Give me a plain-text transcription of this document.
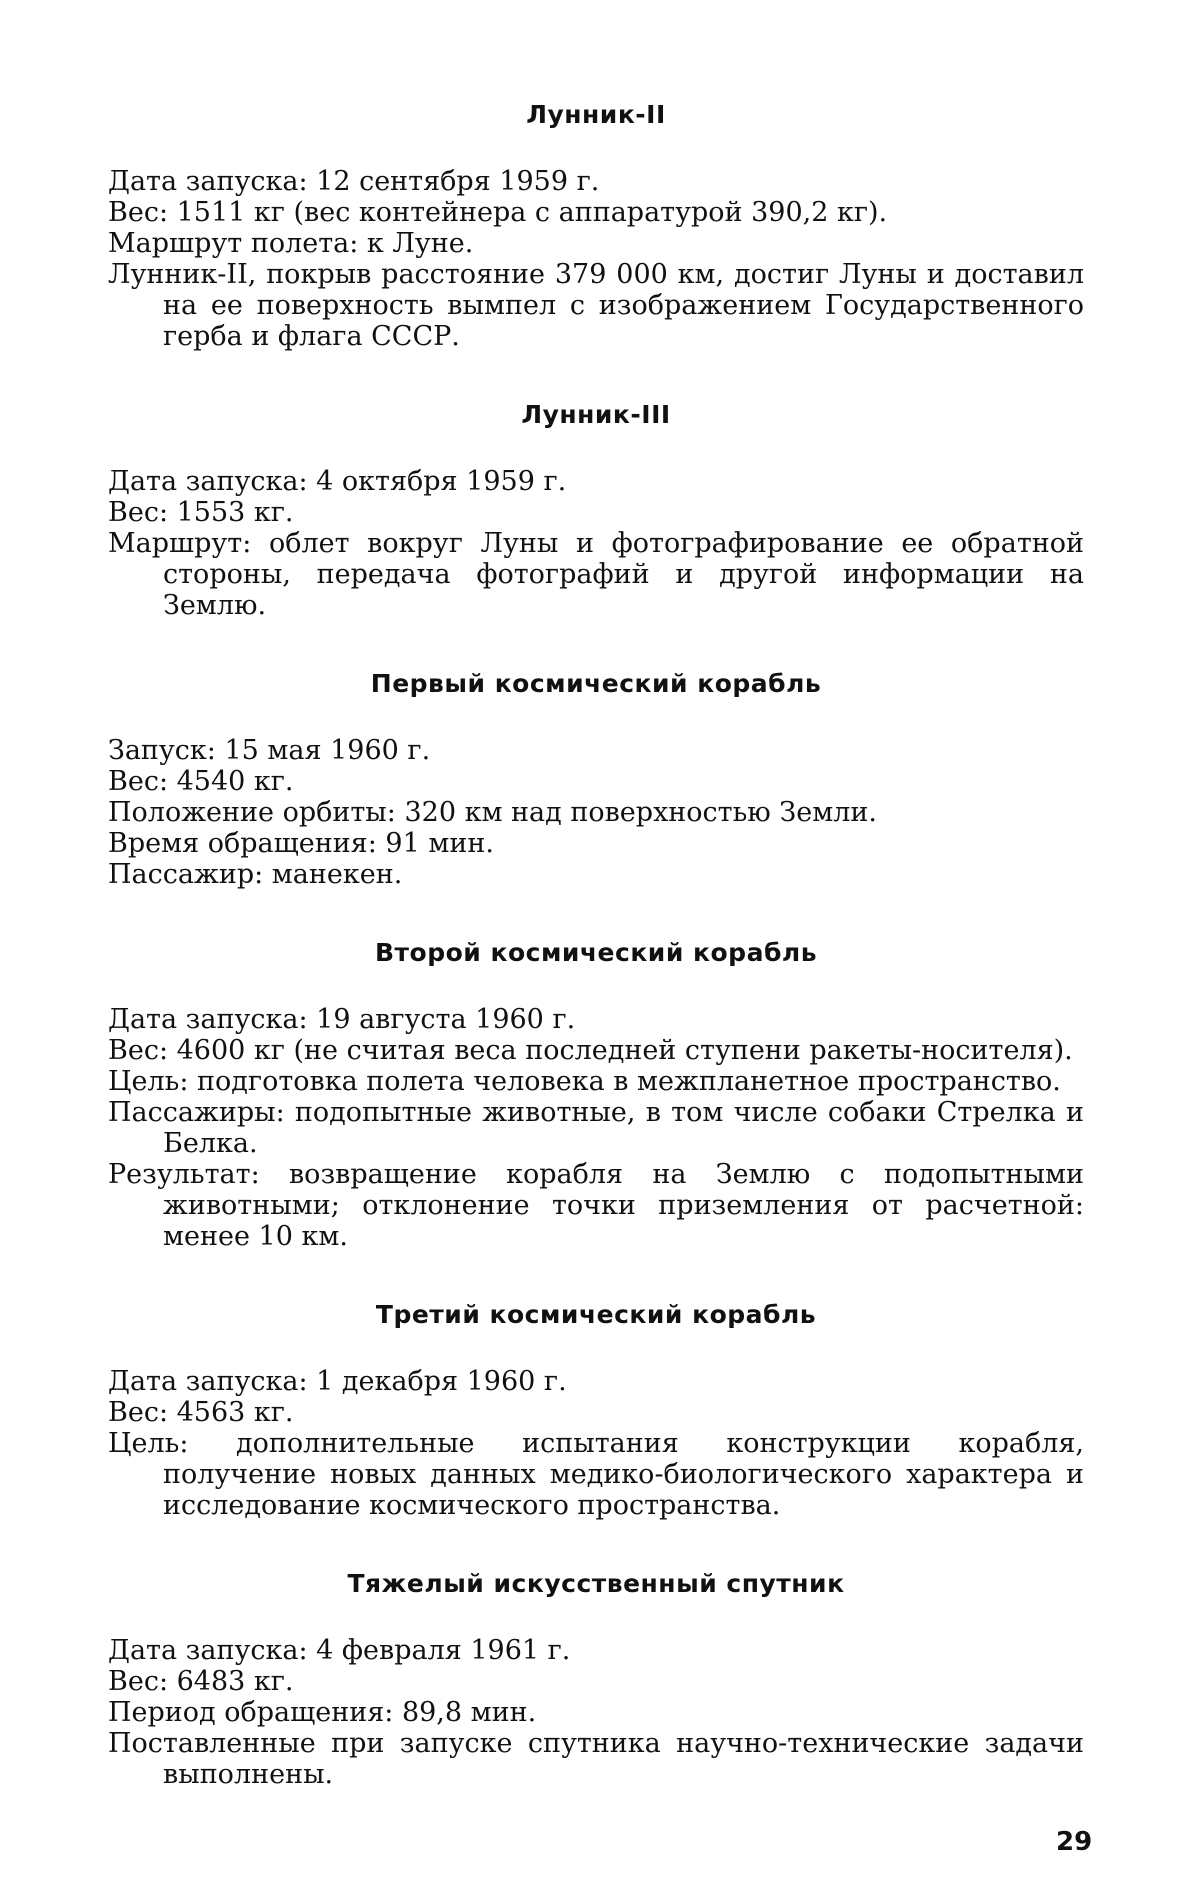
Лунник-II

Дата запуска: 12 сентября 1959 г.

Вес: 1511 кг (вес контейнера с аппаратурой 390,2 кг).

Маршрут полета: к Луне.

Лунник-II, покрыв расстояние 379 000 км, достиг Луны и доставил на ее поверхность вымпел с изображением Государственного герба и флага СССР.

Лунник-III

Дата запуска: 4 октября 1959 г.

Вес: 1553 кг.

Маршрут: облет вокруг Луны и фотографирование ее обратной стороны, передача фотографий и другой информации на Землю.

Первый космический корабль

Запуск: 15 мая 1960 г.

Вес: 4540 кг.

Положение орбиты: 320 км над поверхностью Земли.

Время обращения: 91 мин.

Пассажир: манекен.

Второй космический корабль

Дата запуска: 19 августа 1960 г.

Вес: 4600 кг (не считая веса последней ступени ракеты-носителя).

Цель: подготовка полета человека в межпланетное пространство.

Пассажиры: подопытные животные, в том числе собаки Стрелка и Белка.

Результат: возвращение корабля на Землю с подопытными животными; отклонение точки приземления от расчетной: менее 10 км.

Третий космический корабль

Дата запуска: 1 декабря 1960 г.

Вес: 4563 кг.

Цель: дополнительные испытания конструкции корабля, получение новых данных медико-биологического характера и исследование космического пространства.

Тяжелый искусственный спутник

Дата запуска: 4 февраля 1961 г.

Вес: 6483 кг.

Период обращения: 89,8 мин.

Поставленные при запуске спутника научно-технические задачи выполнены.

29
